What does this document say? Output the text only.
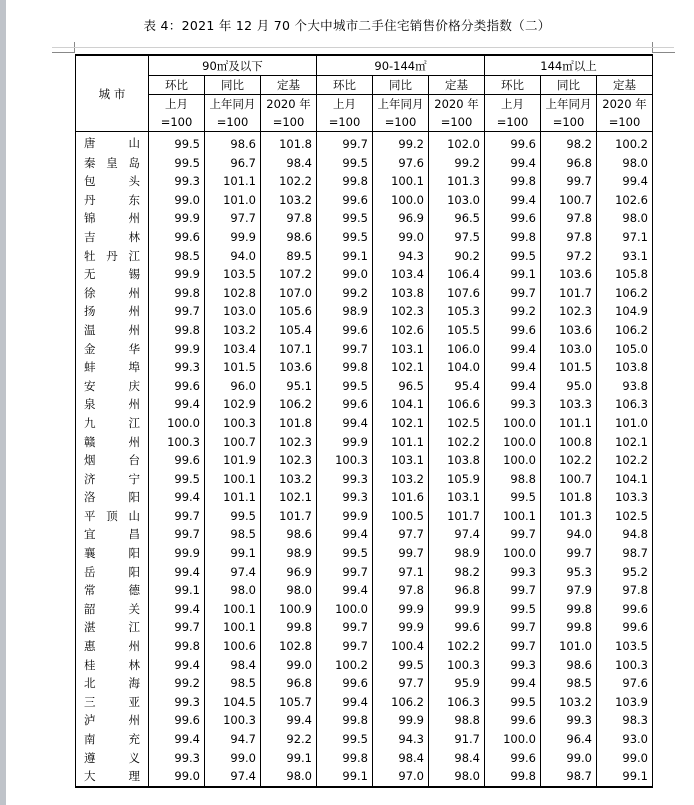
表 4：2021 年 12 月 70 个大中城市二手住宅销售价格分类指数（二）
城 市	90㎡及以下			90-144㎡			144㎡以上		
	环比	同比	定基	环比	同比	定基	环比	同比	定基
	上月	上年同月	2020 年	上月	上年同月	2020 年	上月	上年同月	2020 年
	=100	=100	=100	=100	=100	=100	=100	=100	=100
唐山	99.5	98.6	101.8	99.7	99.2	102.0	99.6	98.2	100.2
秦皇岛	99.5	96.7	98.4	99.5	97.6	99.2	99.4	96.8	98.0
包头	99.3	101.1	102.2	99.8	100.1	101.3	99.8	99.7	99.4
丹东	99.0	101.0	103.2	99.6	100.0	103.0	99.4	100.7	102.6
锦州	99.9	97.7	97.8	99.5	96.9	96.5	99.6	97.8	98.0
吉林	99.6	99.9	98.6	99.5	99.0	97.5	99.8	97.8	97.1
牡丹江	98.5	94.0	89.5	99.1	94.3	90.2	99.5	97.2	93.1
无锡	99.9	103.5	107.2	99.0	103.4	106.4	99.1	103.6	105.8
徐州	99.8	102.8	107.0	99.2	103.8	107.6	99.7	101.7	106.2
扬州	99.7	103.0	105.6	98.9	102.3	105.3	99.2	102.3	104.9
温州	99.8	103.2	105.4	99.6	102.6	105.5	99.6	103.6	106.2
金华	99.9	103.4	107.1	99.7	103.1	106.0	99.4	103.0	105.0
蚌埠	99.3	101.5	103.6	99.8	102.1	104.0	99.4	101.5	103.8
安庆	99.6	96.0	95.1	99.5	96.5	95.4	99.4	95.0	93.8
泉州	99.4	102.9	106.2	99.6	104.1	106.6	99.3	103.3	106.3
九江	100.0	100.3	101.8	99.4	102.1	102.5	100.0	101.1	101.0
赣州	100.3	100.7	102.3	99.9	101.1	102.2	100.0	100.8	102.1
烟台	99.6	101.9	102.3	100.3	103.1	103.8	100.0	102.2	102.2
济宁	99.5	100.1	103.2	99.3	103.2	105.9	98.8	100.7	104.1
洛阳	99.4	101.1	102.1	99.3	101.6	103.1	99.5	101.8	103.3
平顶山	99.7	99.5	101.7	99.9	100.5	101.7	100.1	101.3	102.5
宜昌	99.7	98.5	98.6	99.4	97.7	97.4	99.7	94.0	94.8
襄阳	99.9	99.1	98.9	99.5	99.7	98.9	100.0	99.7	98.7
岳阳	99.4	97.4	96.9	99.7	97.1	98.2	99.3	95.3	95.2
常德	99.1	98.0	98.0	99.4	97.8	96.8	99.7	97.9	97.8
韶关	99.4	100.1	100.9	100.0	99.9	99.9	99.5	99.8	99.6
湛江	99.7	100.1	99.8	99.7	99.9	99.6	99.7	99.8	99.6
惠州	99.8	100.6	102.8	99.7	100.4	102.2	99.7	101.0	103.5
桂林	99.4	98.4	99.0	100.2	99.5	100.3	99.3	98.6	100.3
北海	99.2	98.5	96.8	99.6	97.7	95.9	99.4	98.5	97.6
三亚	99.3	104.5	105.7	99.4	106.2	106.3	99.5	103.2	103.9
泸州	99.6	100.3	99.4	99.8	99.9	98.8	99.6	99.3	98.3
南充	99.4	94.7	92.2	99.5	94.3	91.7	100.0	96.4	93.0
遵义	99.3	99.0	99.1	99.8	98.4	98.4	99.6	99.0	99.0
大理	99.0	97.4	98.0	99.1	97.0	98.0	99.8	98.7	99.1
